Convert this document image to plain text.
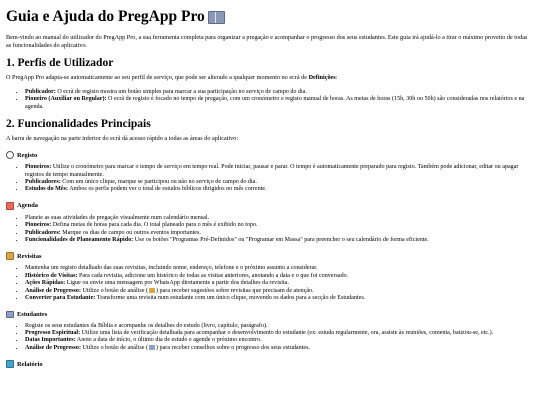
Guia e Ajuda do PregApp Pro

Bem-vindo ao manual do utilizador do PregApp Pro, a sua ferramenta completa para organizar a pregação e acompanhar o progresso dos seus estudantes. Este guia irá ajudá-lo a tirar o máximo proveito de todas as funcionalidades do aplicativo.

1. Perfis de Utilizador

O PregApp Pro adapta-se automaticamente ao seu perfil de serviço, que pode ser alterado a qualquer momento no ecrã de Definições:

• Publicador: O ecrã de registo mostra um botão simples para marcar a sua participação no serviço de campo do dia.
• Pioneiro (Auxiliar ou Regular): O ecrã de registo é focado no tempo de pregação, com um cronómetro e registo manual de horas. As metas de horas (15h, 30h ou 50h) são consideradas nos relatórios e na agenda.
2. Funcionalidades Principais

A barra de navegação na parte inferior do ecrã dá acesso rápido a todas as áreas do aplicativo:

Registo
• Pioneiros: Utilize o cronómetro para marcar o tempo de serviço em tempo real. Pode iniciar, pausar e parar. O tempo é automaticamente preparado para registo. Também pode adicionar, editar ou apagar registos de tempo manualmente.
• Publicadores: Com um único clique, marque se participou ou não no serviço de campo do dia.
• Estudos do Mês: Ambos os perfis podem ver o total de estudos bíblicos dirigidos no mês corrente.
Agenda
• Planeie as suas atividades de pregação visualmente num calendário mensal.
• Pioneiros: Defina metas de horas para cada dia. O total planeado para o mês é exibido no topo.
• Publicadores: Marque os dias de campo ou outros eventos importantes.
• Funcionalidades de Planeamento Rápido: Use os botões "Programas Pré-Definidos" ou "Programar em Massa" para preencher o seu calendário de forma eficiente.
Revisitas
• Mantenha um registo detalhado das suas revisitas, incluindo nome, endereço, telefone e o próximo assunto a considerar.
• Histórico de Visitas: Para cada revisita, adicione um histórico de todas as visitas anteriores, anotando a data e o que foi conversado.
• Ações Rápidas: Ligue ou envie uma mensagem por WhatsApp diretamente a partir dos detalhes da revisita.
• Análise de Progresso: Utilize o botão de análise ( ) para receber sugestões sobre revisitas que precisam de atenção.
• Converter para Estudante: Transforme uma revisita num estudante com um único clique, movendo os dados para a secção de Estudantes.
Estudantes
• Registe os seus estudantes da Bíblia e acompanhe os detalhes do estudo (livro, capítulo, parágrafo).
• Progresso Espiritual: Utilize uma lista de verificação detalhada para acompanhar o desenvolvimento do estudante (ex: estuda regularmente, ora, assiste às reuniões, comenta, batizou-se, etc.).
• Datas Importantes: Anote a data de início, o último dia de estudo e agende o próximo encontro.
• Análise de Progresso: Utilize o botão de análise ( ) para receber conselhos sobre o progresso dos seus estudantes.
Relatório
